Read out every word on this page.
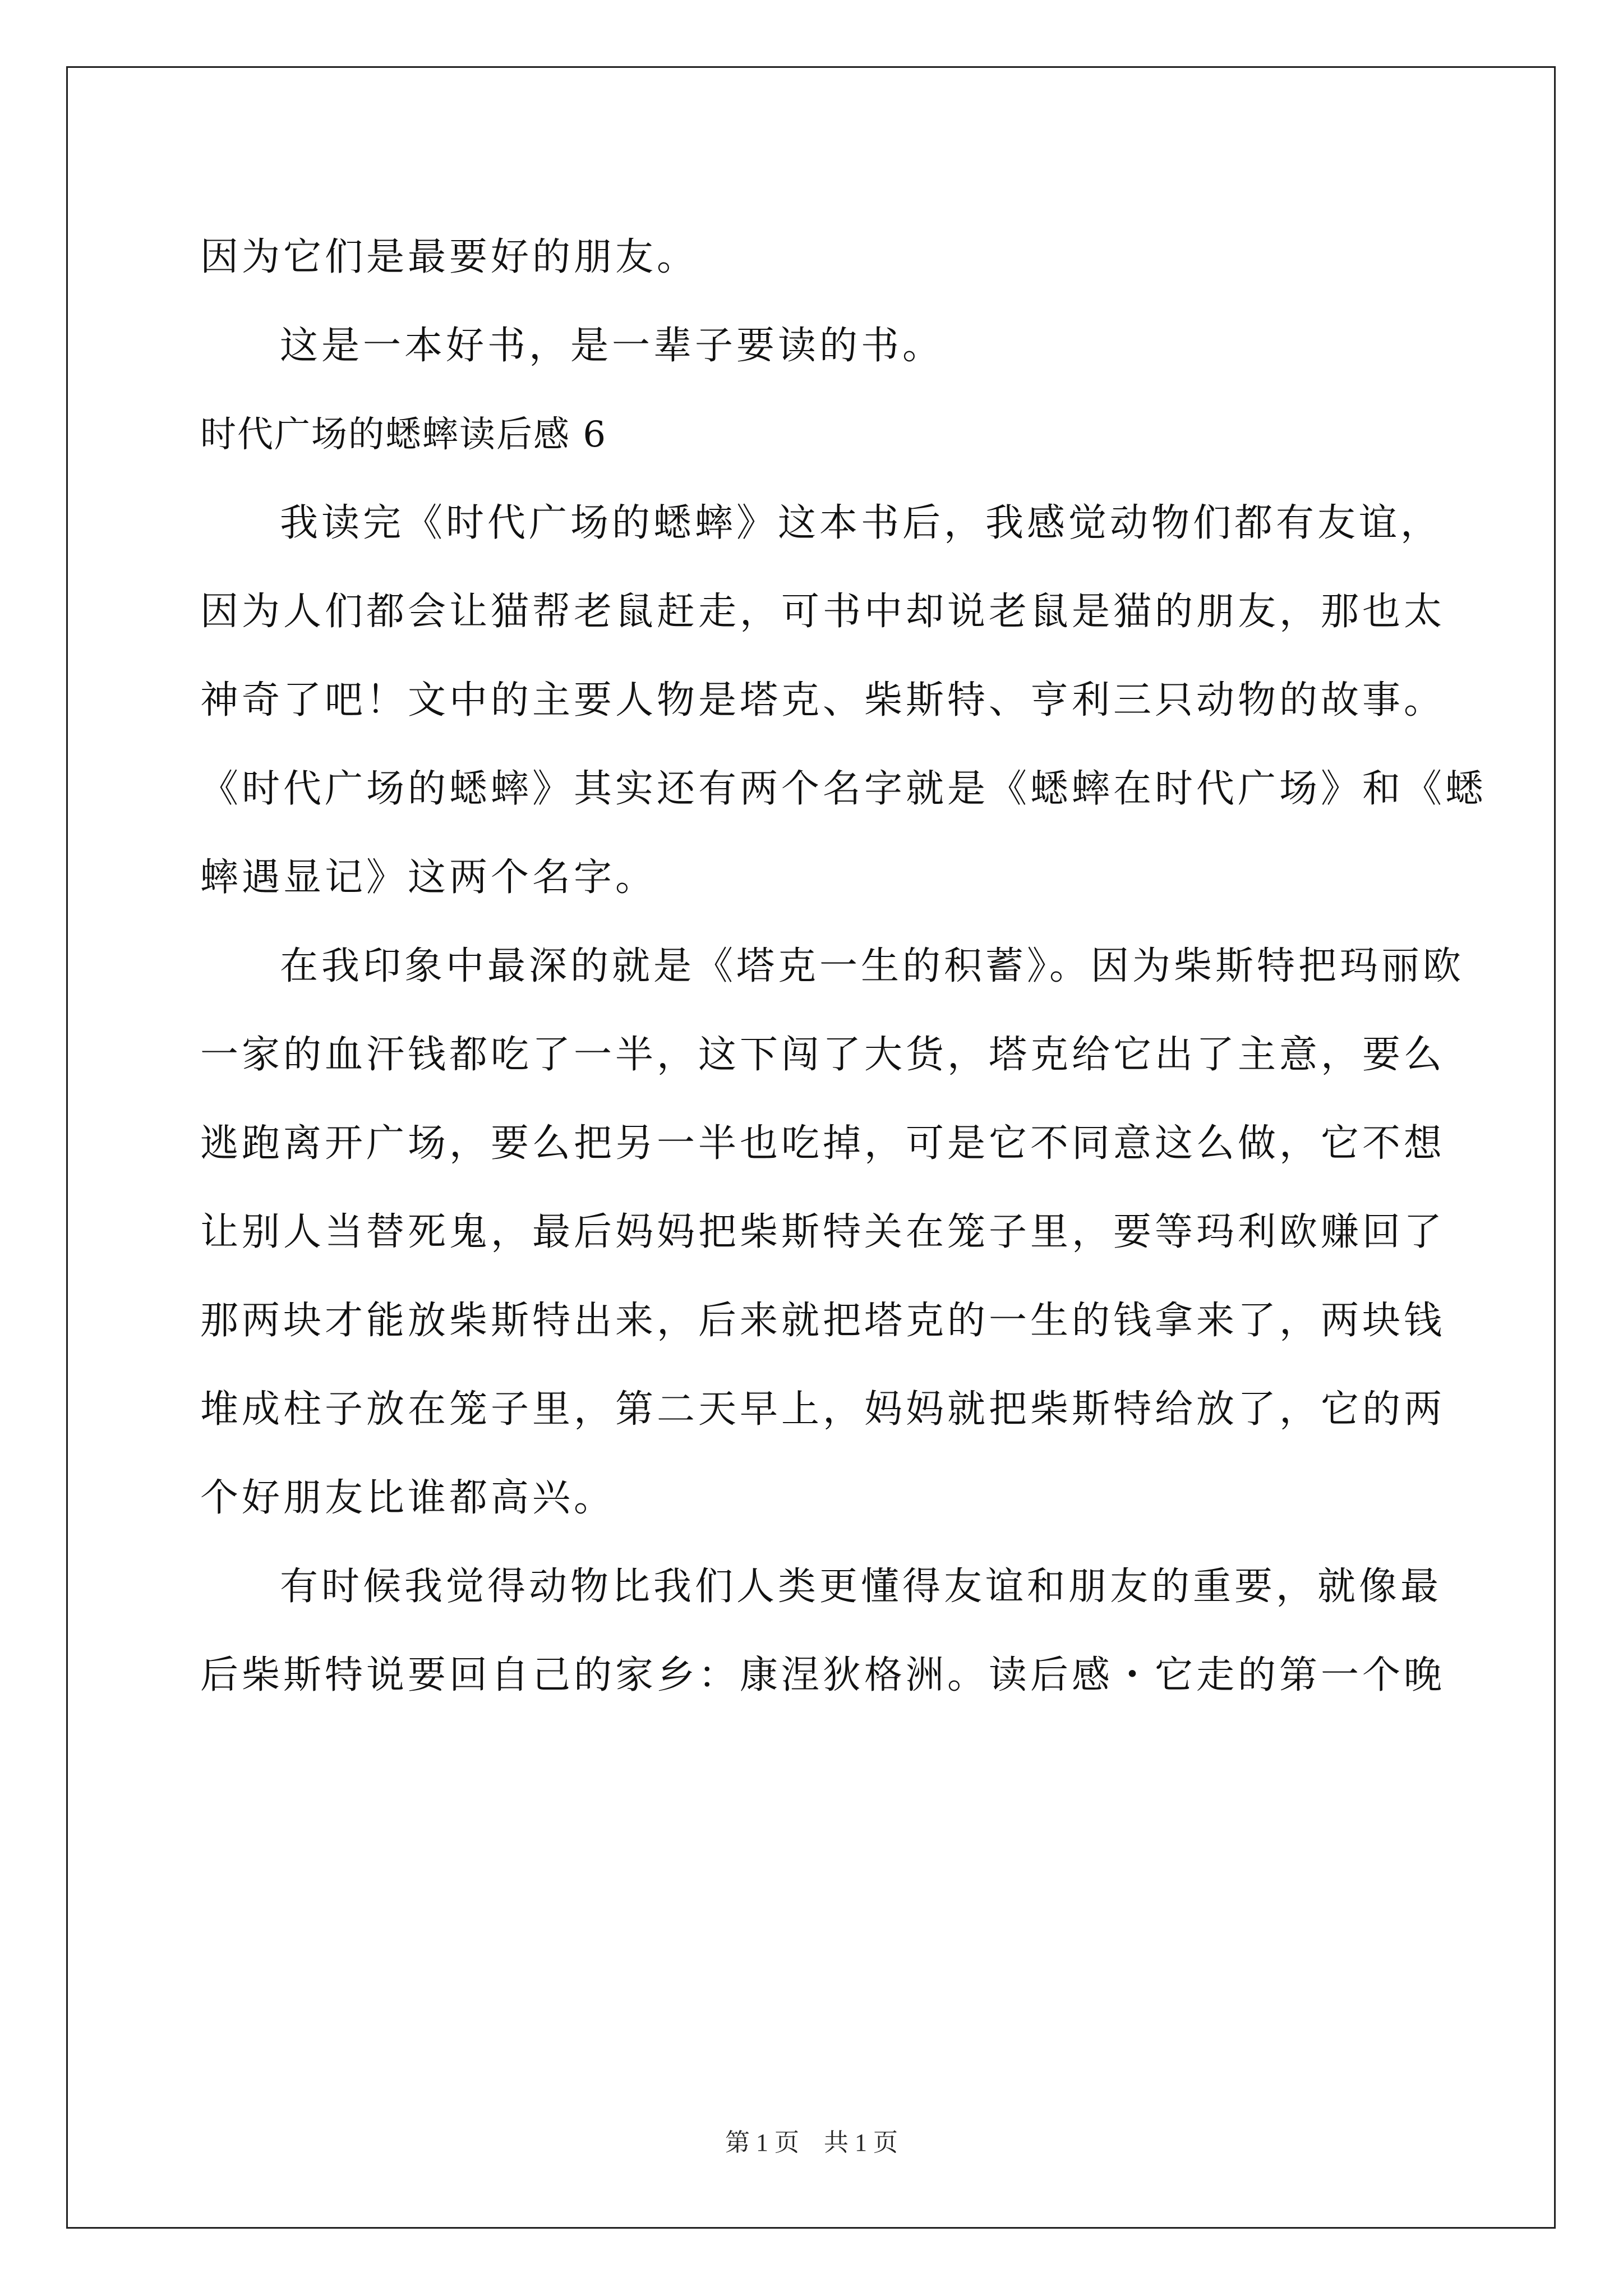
因为它们是最要好的朋友。
这是一本好书，是一辈子要读的书。
时代广场的蟋蟀读后感 6
我读完《时代广场的蟋蟀》这本书后，我感觉动物们都有友谊，
因为人们都会让猫帮老鼠赶走，可书中却说老鼠是猫的朋友，那也太
神奇了吧！文中的主要人物是塔克、柴斯特、亨利三只动物的故事。
《时代广场的蟋蟀》其实还有两个名字就是《蟋蟀在时代广场》和《蟋
蟀遇显记》这两个名字。
在我印象中最深的就是《塔克一生的积蓄》。因为柴斯特把玛丽欧
一家的血汗钱都吃了一半，这下闯了大货，塔克给它出了主意，要么
逃跑离开广场，要么把另一半也吃掉，可是它不同意这么做，它不想
让别人当替死鬼，最后妈妈把柴斯特关在笼子里，要等玛利欧赚回了
那两块才能放柴斯特出来，后来就把塔克的一生的钱拿来了，两块钱
堆成柱子放在笼子里，第二天早上，妈妈就把柴斯特给放了，它的两
个好朋友比谁都高兴。
有时候我觉得动物比我们人类更懂得友谊和朋友的重要，就像最
后柴斯特说要回自己的家乡：康涅狄格洲。读后感・它走的第一个晚
第 1 页　共 1 页
